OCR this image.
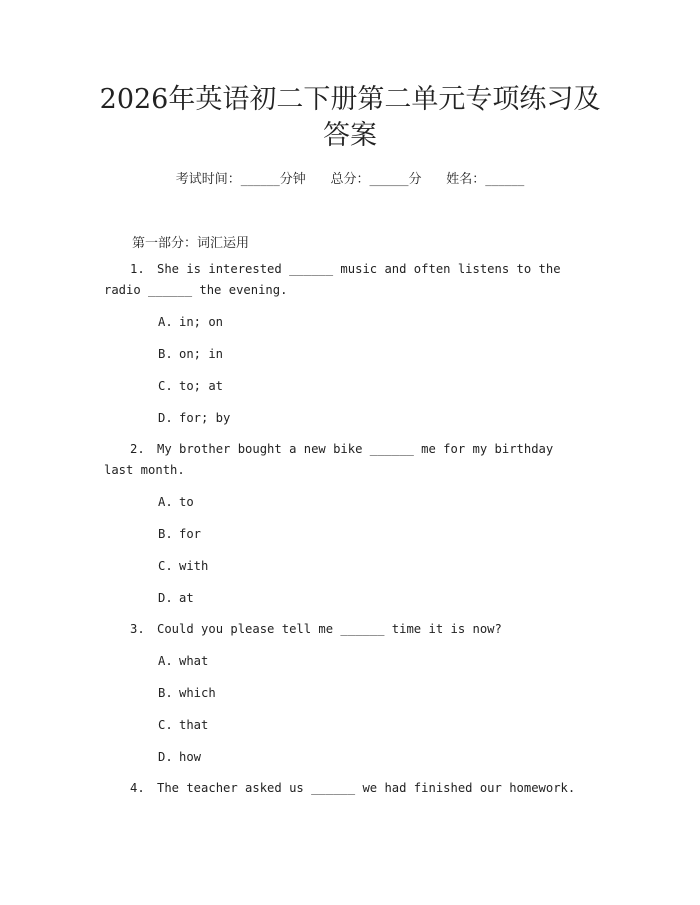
2026年英语初二下册第二单元专项练习及答案
考试时间：______分钟      总分：______分      姓名：______
第一部分：词汇运用
1. She is interested ______ music and often listens to the radio ______ the evening.
A. in; on
B. on; in
C. to; at
D. for; by
2. My brother bought a new bike ______ me for my birthday last month.
A. to
B. for
C. with
D. at
3. Could you please tell me ______ time it is now?
A. what
B. which
C. that
D. how
4. The teacher asked us ______ we had finished our homework.
